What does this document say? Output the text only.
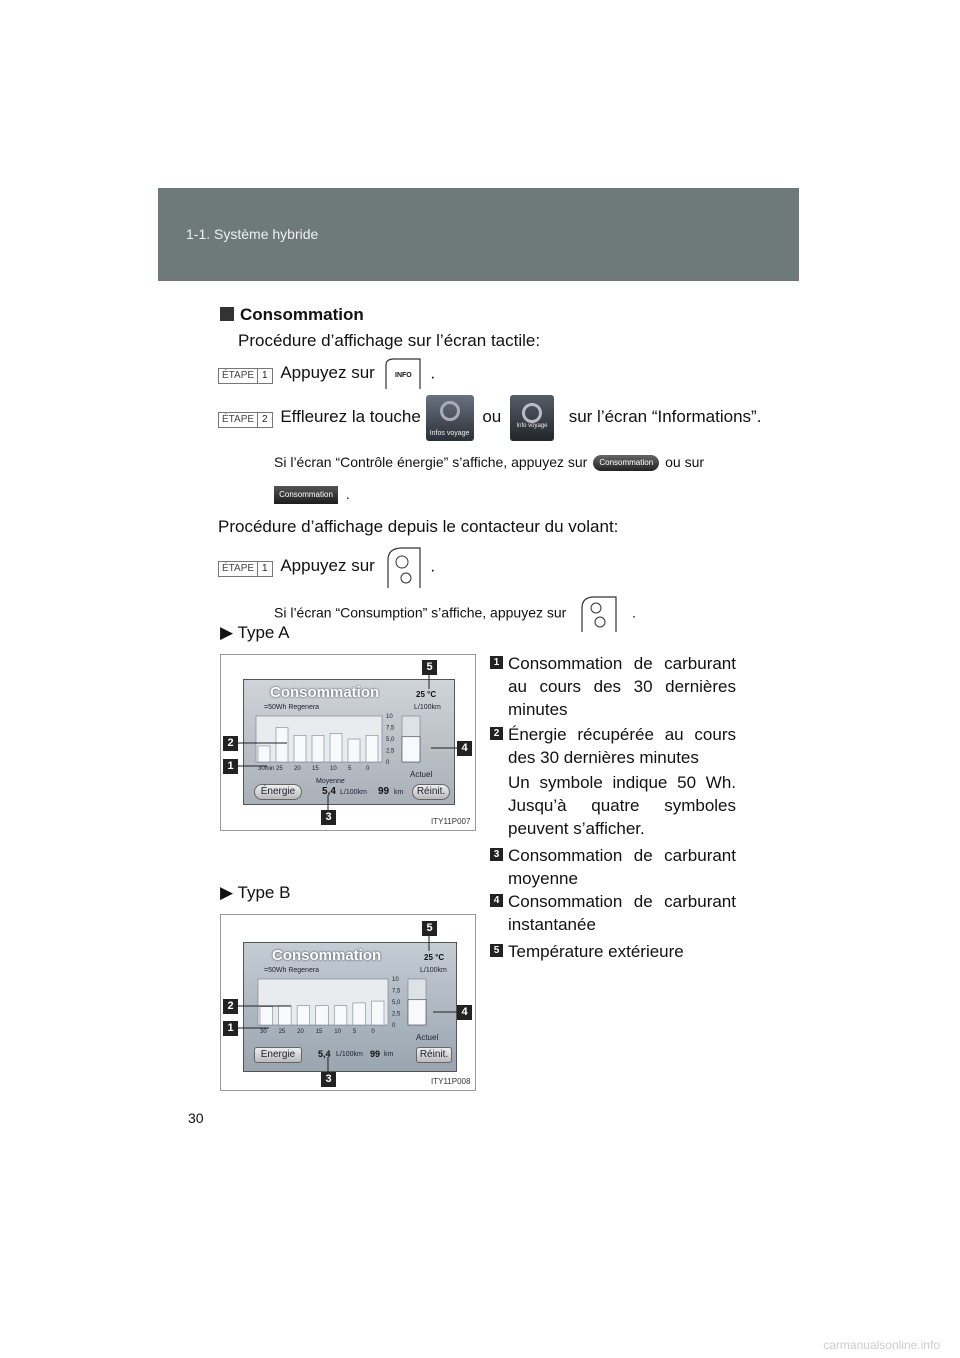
1-1. Système hybride
Consommation
Procédure d’affichage sur l’écran tactile:
ÉTAPE 1 Appuyez sur	INFO .
ÉTAPE 2 Effleurez la touche
Infos voyage
ou	Info voyage	sur l’écran “Informations”.
Si l’écran “Contrôle énergie” s’affiche, appuyez sur Consommation ou sur
Consommation .
Procédure d’affichage depuis le contacteur du volant:
ÉTAPE 1 Appuyez sur	.
Si l’écran “Consumption” s’affiche, appuyez sur	.
▶ Type A
Consommation	25 °C
=50Wh Regenera	L/100km
30min 25 20 15 10 5 0
10
7,5
5,0
2,5
0
Énergie
Moyenne
5,4 L/100km 99 km	Réinit.
Actuel
5
2	4
1
3	ITY11P007
▶ Type B
Consommation	25 °C
=50Wh Regenera	L/100km
30 25 20 15 10 5	0
10
7,5
5,0
2,5
0
Energie	5,4 L/100km 99 km	Réinit.
Actuel
5
2	4
1
3	ITY11P008
1 Consommation de carburant au cours des 30 dernières minutes
2 Énergie récupérée au cours des 30 dernières minutes
Un symbole indique 50 Wh. Jusqu’à quatre symboles peuvent s’afficher.
3 Consommation de carburant moyenne
4 Consommation de carburant instantanée
5 Température extérieure
30
carmanualsonline.info
